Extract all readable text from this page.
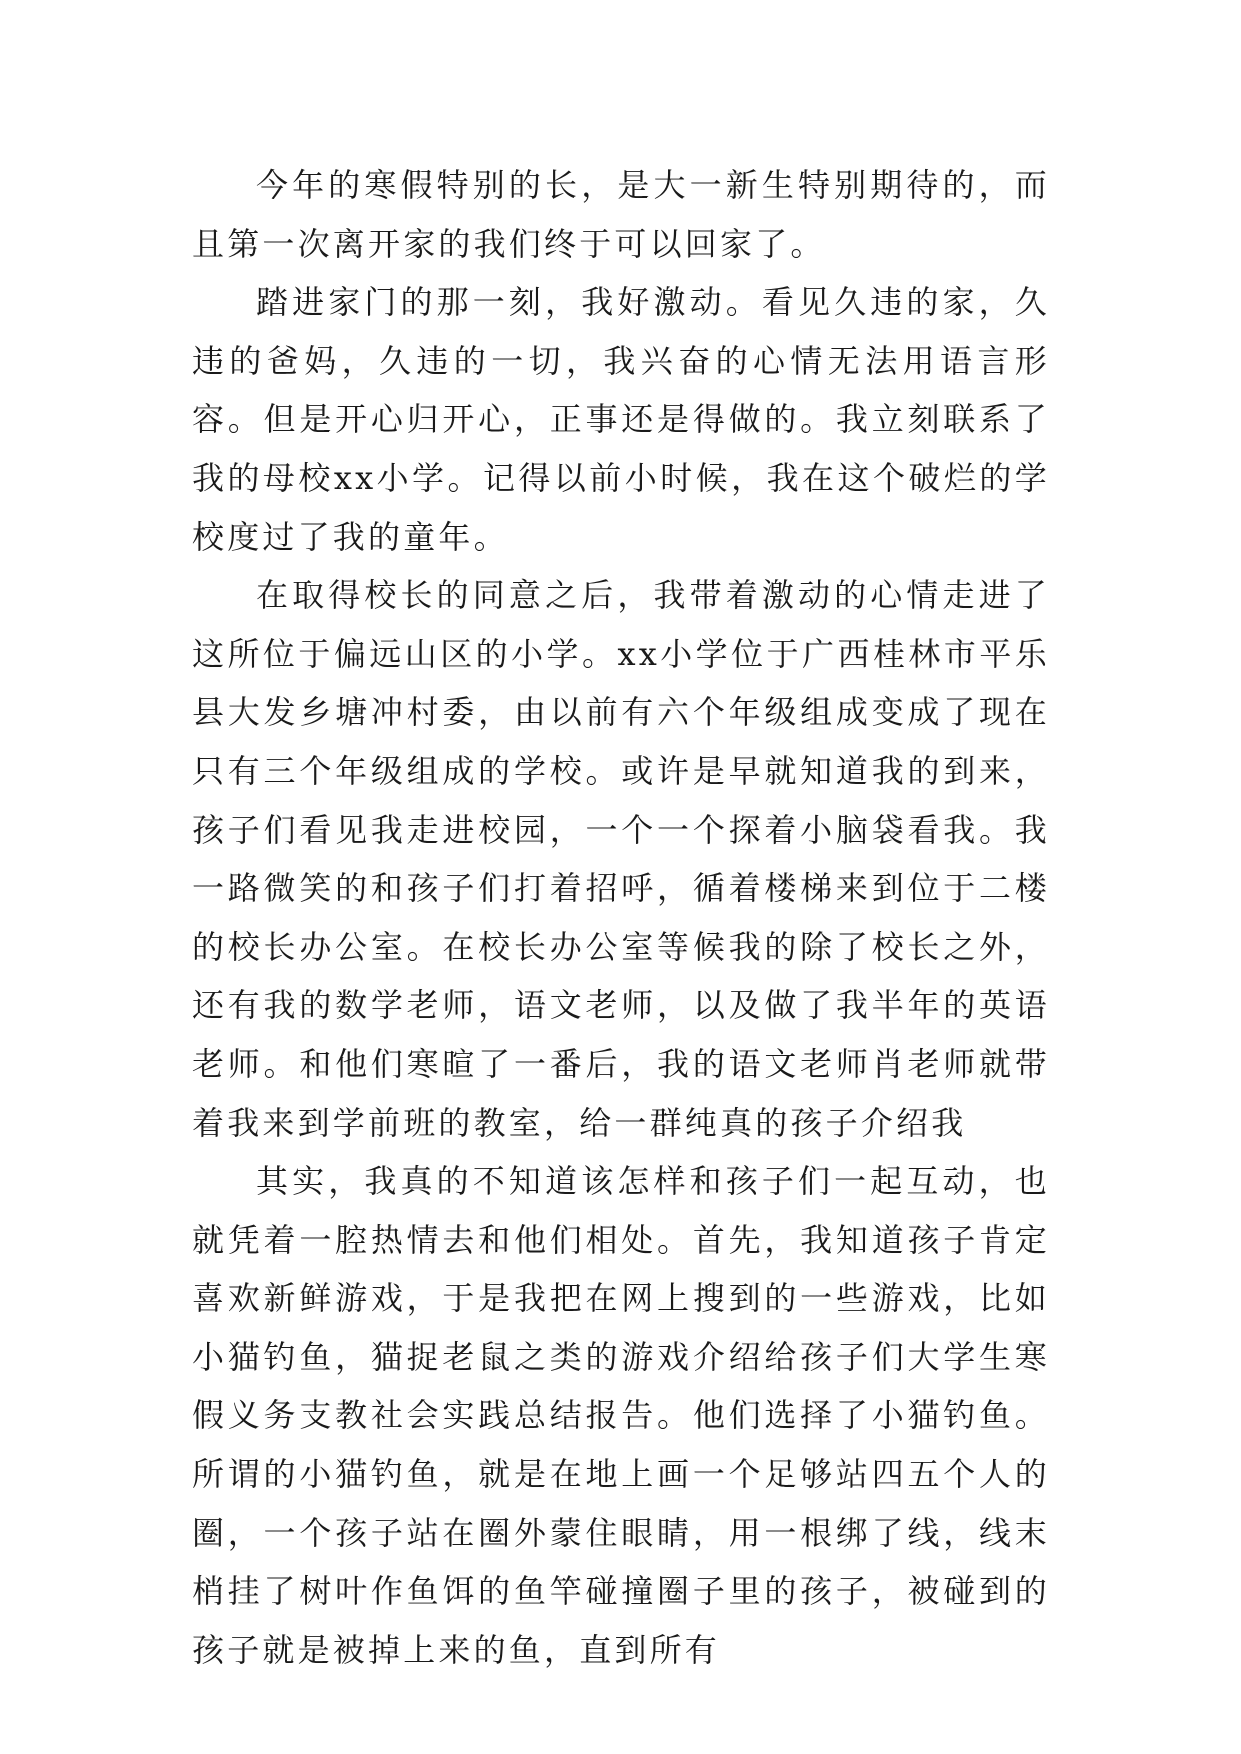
今年的寒假特别的长，是大一新生特别期待的，而且第一次离开家的我们终于可以回家了。

踏进家门的那一刻，我好激动。看见久违的家，久违的爸妈，久违的一切，我兴奋的心情无法用语言形容。但是开心归开心，正事还是得做的。我立刻联系了我的母校xx小学。记得以前小时候，我在这个破烂的学校度过了我的童年。

在取得校长的同意之后，我带着激动的心情走进了这所位于偏远山区的小学。xx小学位于广西桂林市平乐县大发乡塘冲村委，由以前有六个年级组成变成了现在只有三个年级组成的学校。或许是早就知道我的到来，孩子们看见我走进校园，一个一个探着小脑袋看我。我一路微笑的和孩子们打着招呼，循着楼梯来到位于二楼的校长办公室。在校长办公室等候我的除了校长之外，还有我的数学老师，语文老师，以及做了我半年的英语老师。和他们寒暄了一番后，我的语文老师肖老师就带着我来到学前班的教室，给一群纯真的孩子介绍我

其实，我真的不知道该怎样和孩子们一起互动，也就凭着一腔热情去和他们相处。首先，我知道孩子肯定喜欢新鲜游戏，于是我把在网上搜到的一些游戏，比如小猫钓鱼，猫捉老鼠之类的游戏介绍给孩子们大学生寒假义务支教社会实践总结报告。他们选择了小猫钓鱼。所谓的小猫钓鱼，就是在地上画一个足够站四五个人的圈，一个孩子站在圈外蒙住眼睛，用一根绑了线，线末梢挂了树叶作鱼饵的鱼竿碰撞圈子里的孩子，被碰到的孩子就是被掉上来的鱼，直到所有
